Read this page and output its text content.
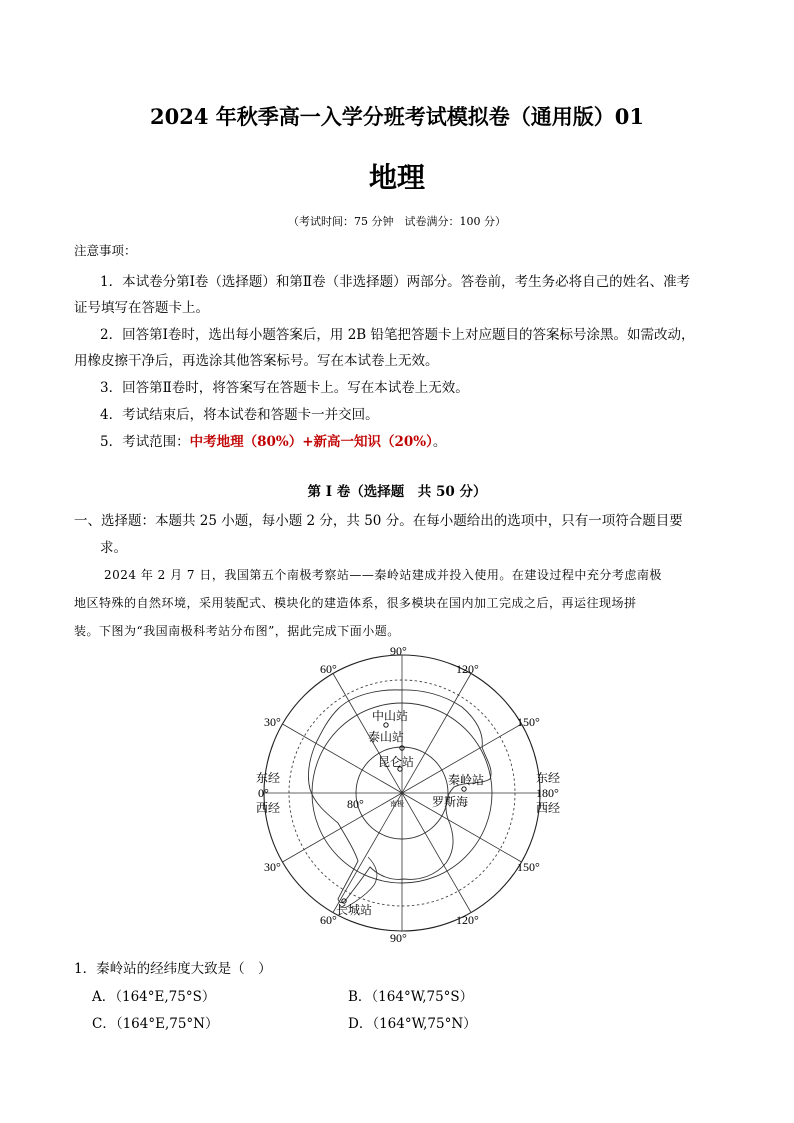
2024 年秋季高一入学分班考试模拟卷（通用版）01
地理
（考试时间：75 分钟　试卷满分：100 分）
注意事项：
1．本试卷分第Ⅰ卷（选择题）和第Ⅱ卷（非选择题）两部分。答卷前，考生务必将自己的姓名、准考
证号填写在答题卡上。
2．回答第Ⅰ卷时，选出每小题答案后，用 2B 铅笔把答题卡上对应题目的答案标号涂黑。如需改动，
用橡皮擦干净后，再选涂其他答案标号。写在本试卷上无效。
3．回答第Ⅱ卷时，将答案写在答题卡上。写在本试卷上无效。
4．考试结束后，将本试卷和答题卡一并交回。
5．考试范围：中考地理（80%）+新高一知识（20%）。
第 I 卷（选择题　共 50 分）
一、选择题：本题共 25 小题，每小题 2 分，共 50 分。在每小题给出的选项中，只有一项符合题目要
求。
2024 年 2 月 7 日，我国第五个南极考察站——秦岭站建成并投入使用。在建设过程中充分考虑南极
地区特殊的自然环境，采用装配式、模块化的建造体系，很多模块在国内加工完成之后，再运往现场拼
装。下图为“我国南极科考站分布图”，据此完成下面小题。
中山站
泰山站
昆仑站
秦岭站
罗斯海
长城站
90°
60°	120°
30°	150°
东经
0°
西经
东经
180°
西经
30°	150°
60°	120°
90°
80°	南极
1．秦岭站的经纬度大致是（　）
A．（164°E,75°S）	B．（164°W,75°S）
C．（164°E,75°N）	D．（164°W,75°N）
